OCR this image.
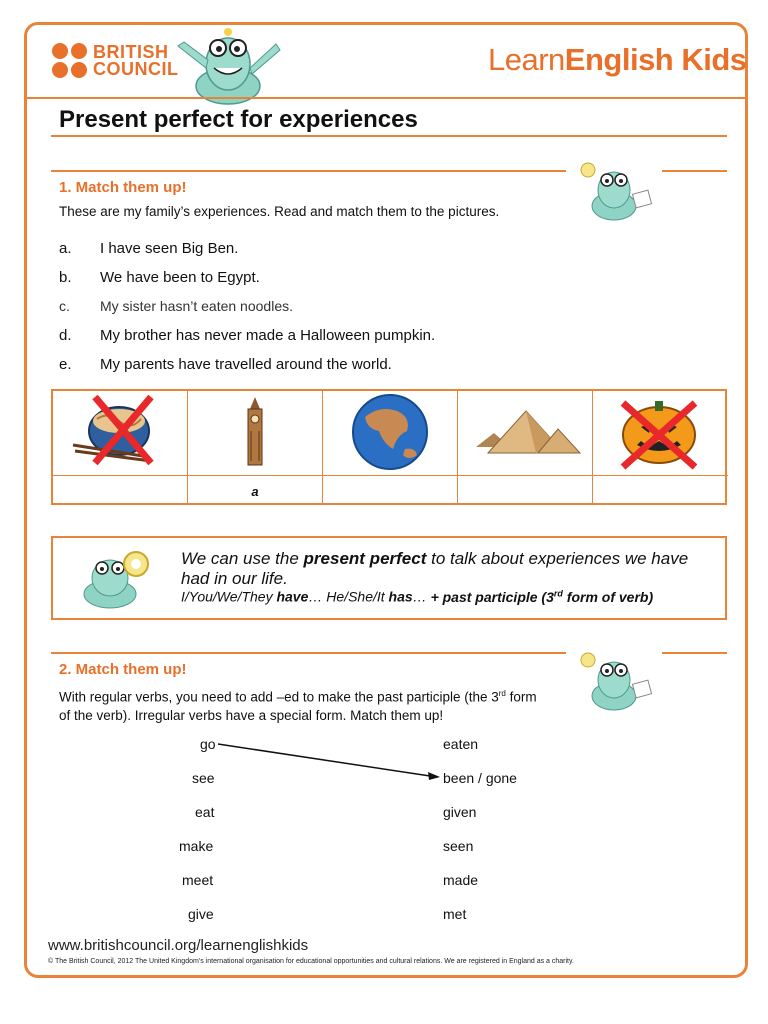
BRITISH
COUNCIL	LearnEnglish Kids
Present perfect for experiences
1. Match them up!
These are my family’s experiences. Read and match them to the pictures.
a. I have seen Big Ben.
b. We have been to Egypt.
c. My sister hasn’t eaten noodles.
d. My brother has never made a Halloween pumpkin.
e. My parents have travelled around the world.
a
We can use the present perfect to talk about experiences we have had in our life.
I/You/We/They have… He/She/It has… + past participle (3rd form of verb)
2. Match them up!
With regular verbs, you need to add –ed to make the past participle (the 3rd form of the verb). Irregular verbs have a special form. Match them up!
go
see
eat
make
meet
give
eaten
been / gone
given
seen
made
met
www.britishcouncil.org/learnenglishkids
© The British Council, 2012 The United Kingdom’s international organisation for educational opportunities and cultural relations. We are registered in England as a charity.
